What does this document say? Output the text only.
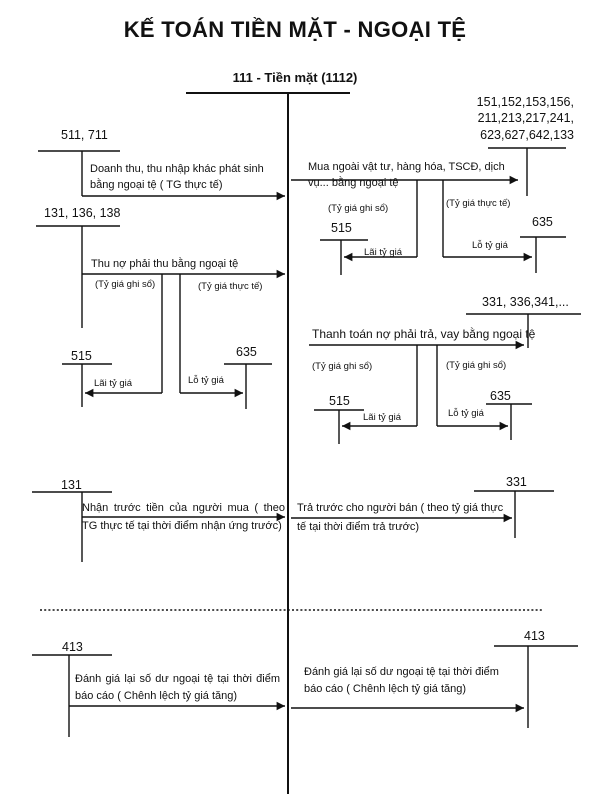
KẾ TOÁN TIỀN MẶT - NGOẠI TỆ
111 - Tiền mặt (1112)
511, 711
Doanh thu, thu nhập khác phát sinh bằng ngoại tệ ( TG thực tế)
131, 136, 138
Thu nợ phải thu bằng ngoại tệ
(Tỷ giá ghi sổ)	(Tỷ giá thực tế)
515
Lãi tỷ giá
635
Lỗ tỷ giá
131
Nhận trước tiền của người mua ( theo TG thực tế tại thời điểm nhận ứng trước)
413
Đánh giá lại số dư ngoại tệ tại thời điểm báo cáo ( Chênh lệch tỷ giá tăng)
151,152,153,156, 211,213,217,241, 623,627,642,133
Mua ngoài vật tư, hàng hóa, TSCĐ, dịch vụ... bằng ngoại tệ
(Tỷ giá ghi sổ)	(Tỷ giá thực tế)
515
Lãi tỷ giá
635
Lỗ tỷ giá
331, 336,341,...
Thanh toán nợ phải trả, vay bằng ngoại tệ
(Tỷ giá ghi sổ)	(Tỷ giá ghi sổ)
515
Lãi tỷ giá
635
Lỗ tỷ giá
331
Trả trước cho người bán ( theo tỷ giá thực tế tại thời điểm trả trước)
413
Đánh giá lại số dư ngoại tệ tại thời điểm báo cáo ( Chênh lệch tỷ giá tăng)
